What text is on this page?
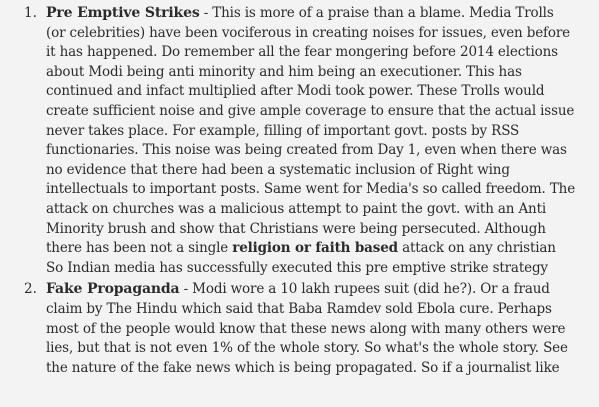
1. Pre Emptive Strikes - This is more of a praise than a blame. Media Trolls
(or celebrities) have been vociferous in creating noises for issues, even before
it has happened. Do remember all the fear mongering before 2014 elections
about Modi being anti minority and him being an executioner. This has
continued and infact multiplied after Modi took power. These Trolls would
create sufficient noise and give ample coverage to ensure that the actual issue
never takes place. For example, filling of important govt. posts by RSS
functionaries. This noise was being created from Day 1, even when there was
no evidence that there had been a systematic inclusion of Right wing
intellectuals to important posts. Same went for Media's so called freedom. The
attack on churches was a malicious attempt to paint the govt. with an Anti
Minority brush and show that Christians were being persecuted. Although
there has been not a single religion or faith based attack on any christian
So Indian media has successfully executed this pre emptive strike strategy
2. Fake Propaganda - Modi wore a 10 lakh rupees suit (did he?). Or a fraud
claim by The Hindu which said that Baba Ramdev sold Ebola cure. Perhaps
most of the people would know that these news along with many others were
lies, but that is not even 1% of the whole story. So what's the whole story. See
the nature of the fake news which is being propagated. So if a journalist like
